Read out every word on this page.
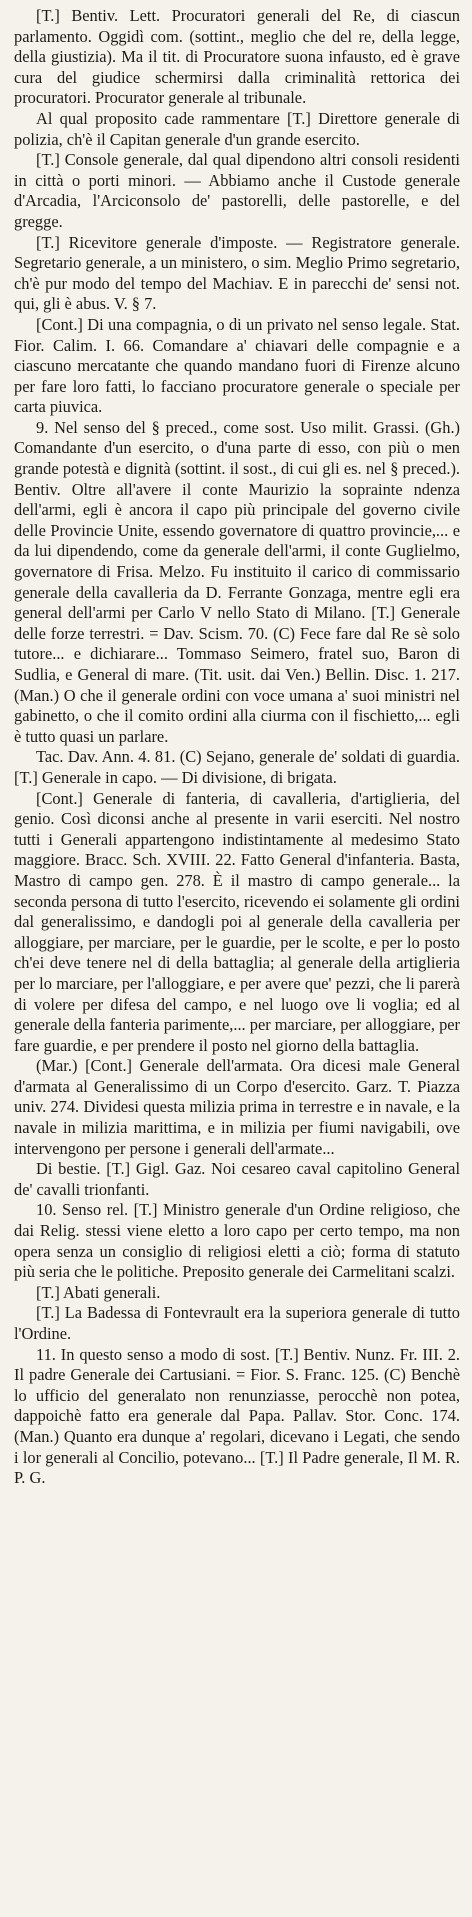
[T.] Bentiv. Lett. Procuratori generali del Re, di ciascun parlamento. Oggidì com. (sottint., meglio che del re, della legge, della giustizia). Ma il tit. di Procuratore suona infausto, ed è grave cura del giudice schermirsi dalla criminalità rettorica dei procuratori. Procurator generale al tribunale.

Al qual proposito cade rammentare [T.] Direttore generale di polizia, ch'è il Capitan generale d'un grande esercito.

[T.] Console generale, dal qual dipendono altri consoli residenti in città o porti minori. — Abbiamo anche il Custode generale d'Arcadia, l'Arciconsolo de' pastorelli, delle pastorelle, e del gregge.

[T.] Ricevitore generale d'imposte. — Registratore generale. Segretario generale, a un ministero, o sim. Meglio Primo segretario, ch'è pur modo del tempo del Machiav. E in parecchi de' sensi not. qui, gli è abus. V. § 7.

[Cont.] Di una compagnia, o di un privato nel senso legale. Stat. Fior. Calim. I. 66. Comandare a' chiavari delle compagnie e a ciascuno mercatante che quando mandano fuori di Firenze alcuno per fare loro fatti, lo facciano procuratore generale o speciale per carta piuvica.

9. Nel senso del § preced., come sost. Uso milit. Grassi. (Gh.) Comandante d'un esercito, o d'una parte di esso, con più o men grande potestà e dignità (sottint. il sost., di cui gli es. nel § preced.). Bentiv. Oltre all'avere il conte Maurizio la soprainte ndenza dell'armi, egli è ancora il capo più principale del governo civile delle Provincie Unite, essendo governatore di quattro provincie,... e da lui dipendendo, come da generale dell'armi, il conte Guglielmo, governatore di Frisa. Melzo. Fu instituito il carico di commissario generale della cavalleria da D. Ferrante Gonzaga, mentre egli era general dell'armi per Carlo V nello Stato di Milano. [T.] Generale delle forze terrestri. = Dav. Scism. 70. (C) Fece fare dal Re sè solo tutore... e dichiarare... Tommaso Seimero, fratel suo, Baron di Sudlia, e General di mare. (Tit. usit. dai Ven.) Bellin. Disc. 1. 217. (Man.) O che il generale ordini con voce umana a' suoi ministri nel gabinetto, o che il comito ordini alla ciurma con il fischietto,... egli è tutto quasi un parlare.

Tac. Dav. Ann. 4. 81. (C) Sejano, generale de' soldati di guardia. [T.] Generale in capo. — Di divisione, di brigata.

[Cont.] Generale di fanteria, di cavalleria, d'artiglieria, del genio. Così diconsi anche al presente in varii eserciti. Nel nostro tutti i Generali appartengono indistintamente al medesimo Stato maggiore. Bracc. Sch. XVIII. 22. Fatto General d'infanteria. Basta, Mastro di campo gen. 278. È il mastro di campo generale... la seconda persona di tutto l'esercito, ricevendo ei solamente gli ordini dal generalissimo, e dandogli poi al generale della cavalleria per alloggiare, per marciare, per le guardie, per le scolte, e per lo posto ch'ei deve tenere nel di della battaglia; al generale della artiglieria per lo marciare, per l'alloggiare, e per avere que' pezzi, che li parerà di volere per difesa del campo, e nel luogo ove li voglia; ed al generale della fanteria parimente,... per marciare, per alloggiare, per fare guardie, e per prendere il posto nel giorno della battaglia.

(Mar.) [Cont.] Generale dell'armata. Ora dicesi male General d'armata al Generalissimo di un Corpo d'esercito. Garz. T. Piazza univ. 274. Dividesi questa milizia prima in terrestre e in navale, e la navale in milizia marittima, e in milizia per fiumi navigabili, ove intervengono per persone i generali dell'armate...

Di bestie. [T.] Gigl. Gaz. Noi cesareo caval capitolino General de' cavalli trionfanti.

10. Senso rel. [T.] Ministro generale d'un Ordine religioso, che dai Relig. stessi viene eletto a loro capo per certo tempo, ma non opera senza un consiglio di religiosi eletti a ciò; forma di statuto più seria che le politiche. Preposito generale dei Carmelitani scalzi.

[T.] Abati generali.

[T.] La Badessa di Fontevrault era la superiora generale di tutto l'Ordine.

11. In questo senso a modo di sost. [T.] Bentiv. Nunz. Fr. III. 2. Il padre Generale dei Cartusiani. = Fior. S. Franc. 125. (C) Benchè lo ufficio del generalato non renunziasse, perocchè non potea, dappoichè fatto era generale dal Papa. Pallav. Stor. Conc. 174. (Man.) Quanto era dunque a' regolari, dicevano i Legati, che sendo i lor generali al Concilio, potevano... [T.] Il Padre generale, Il M. R. P. G.
